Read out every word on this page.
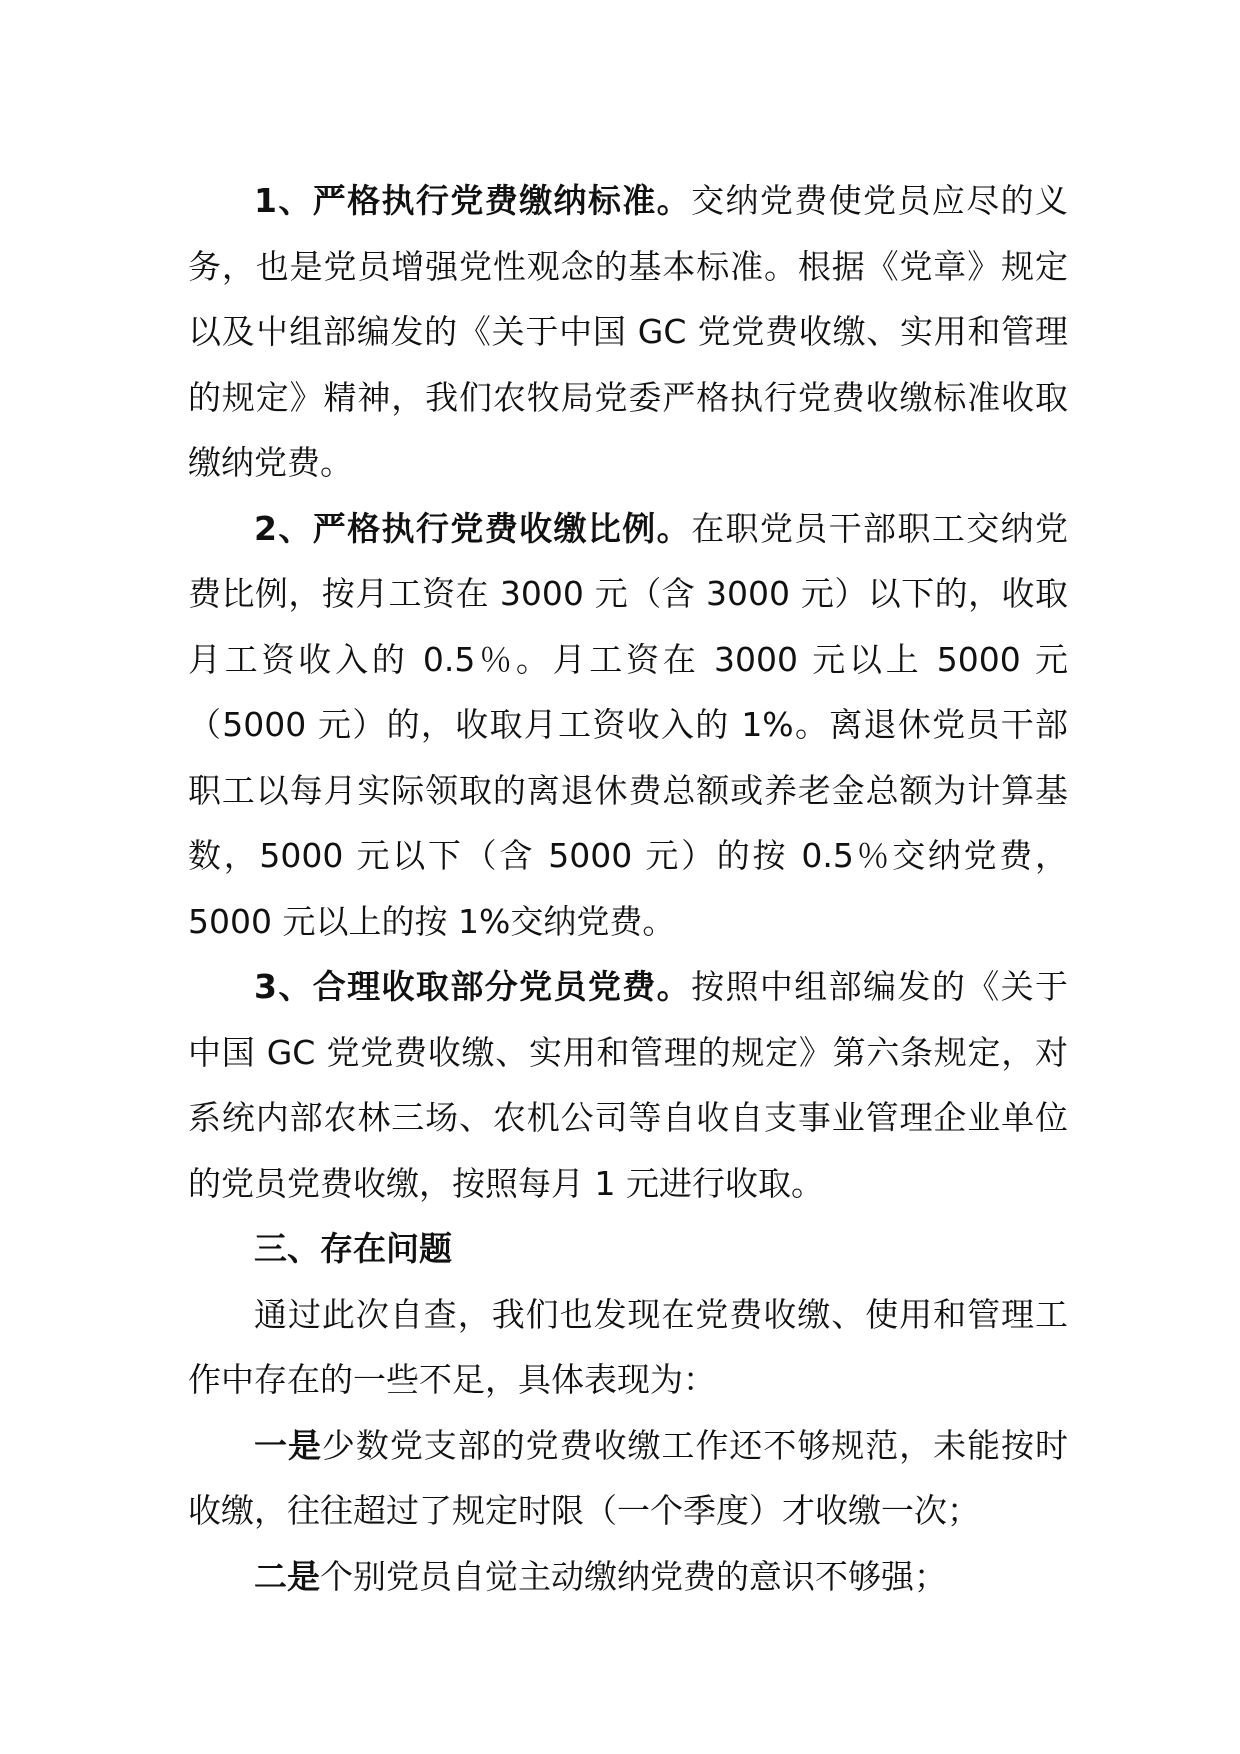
1、严格执行党费缴纳标准。交纳党费使党员应尽的义务，也是党员增强党性观念的基本标准。根据《党章》规定以及屮组部编发的《关于中国 GC 党党费收缴、实用和管理的规定》精神，我们农牧局党委严格执行党费收缴标准收取缴纳党费。

2、严格执行党费收缴比例。在职党员干部职工交纳党费比例，按月工资在 3000 元（含 3000 元）以下的，收取月工资收入的 0.5％。月工资在 3000 元以上 5000 元（5000 元）的，收取月工资收入的 1%。离退休党员干部职工以每月实际领取的离退休费总额或养老金总额为计算基数，5000 元以下（含 5000 元）的按 0.5％交纳党费，5000 元以上的按 1%交纳党费。

3、合理收取部分党员党费。按照中组部编发的《关于中国 GC 党党费收缴、实用和管理的规定》第六条规定，对系统内部农林三场、农机公司等自收自支事业管理企业单位的党员党费收缴，按照每月 1 元进行收取。

三、存在问题

通过此次自查，我们也发现在党费收缴、使用和管理工作中存在的一些不足，具体表现为：

一是少数党支部的党费收缴工作还不够规范，未能按时收缴，往往超过了规定时限（一个季度）才收缴一次；

二是个别党员自觉主动缴纳党费的意识不够强；
